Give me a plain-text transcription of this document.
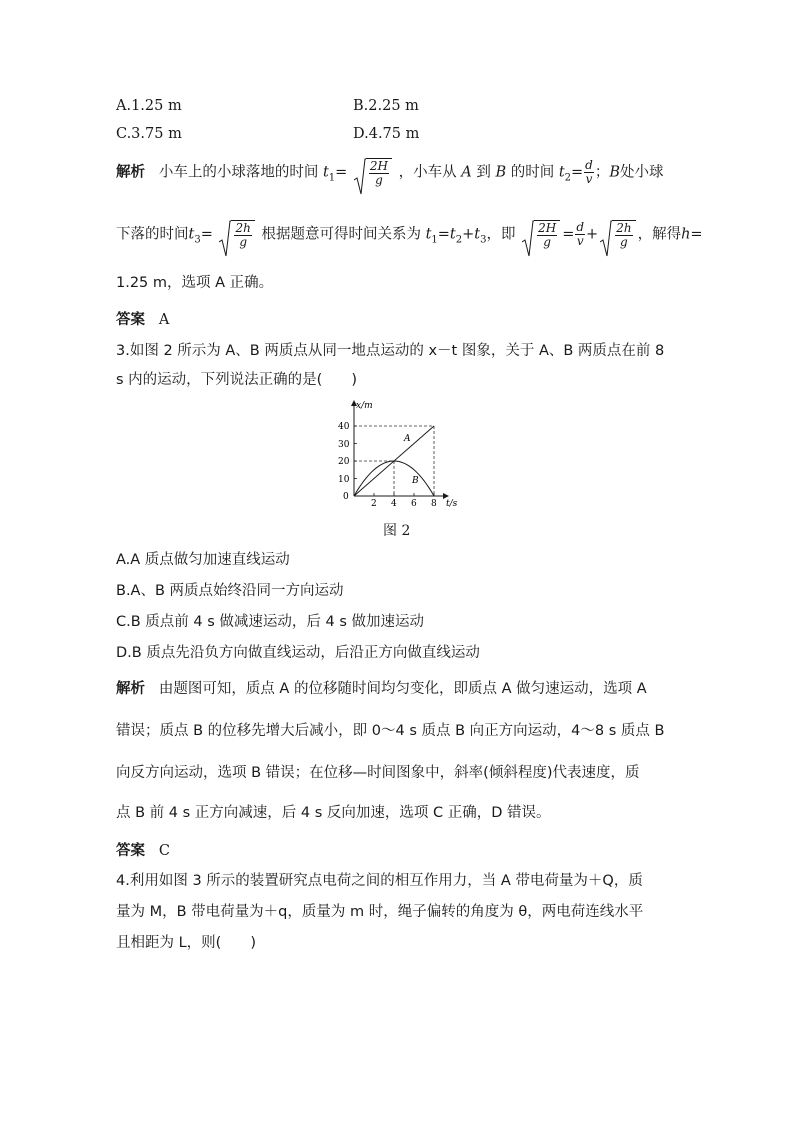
A.1.25 m	B.2.25 m
C.3.75 m	D.4.75 m
解析 小车上的小球落地的时间 $t_1= \frac{2H}{g}$ ，小车从 A 到 B 的时间 $t_2= \frac{d}{v}$ ；B处小球
下落的时间$t_3= \frac{2h}{g}$ 根据题意可得时间关系为 $t_1=t_2+t_3$，即 $\frac{2H}{g} = \frac{d}{v} + \frac{2h}{g}$ ，解得h=
1.25 m，选项 A 正确。
答案 A
3.如图 2 所示为 A、B 两质点从同一地点运动的 x－t 图象，关于 A、B 两质点在前 8
s 内的运动，下列说法正确的是(　　)
x/m
t/s
0
40
30
20
10
2 4 6 8
A
B
图 2
A.A 质点做匀加速直线运动
B.A、B 两质点始终沿同一方向运动
C.B 质点前 4 s 做减速运动，后 4 s 做加速运动
D.B 质点先沿负方向做直线运动，后沿正方向做直线运动
解析 由题图可知，质点 A 的位移随时间均匀变化，即质点 A 做匀速运动，选项 A
错误；质点 B 的位移先增大后减小，即 0～4 s 质点 B 向正方向运动，4～8 s 质点 B
向反方向运动，选项 B 错误；在位移—时间图象中，斜率(倾斜程度)代表速度，质
点 B 前 4 s 正方向减速，后 4 s 反向加速，选项 C 正确，D 错误。
答案 C
4.利用如图 3 所示的装置研究点电荷之间的相互作用力，当 A 带电荷量为＋Q，质
量为 M，B 带电荷量为＋q，质量为 m 时，绳子偏转的角度为 θ，两电荷连线水平
且相距为 L，则(　　)
